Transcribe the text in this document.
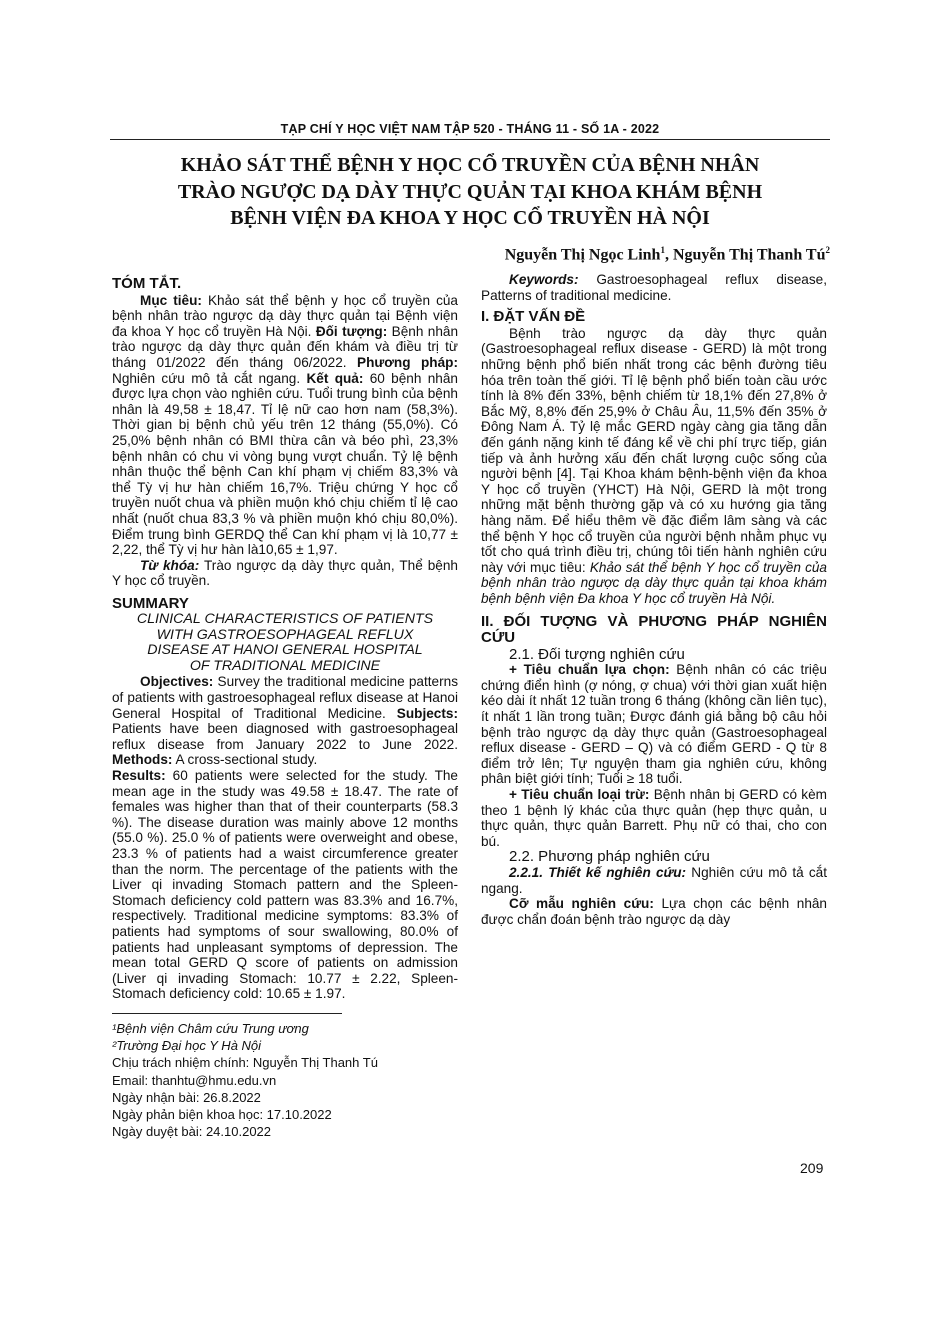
TẠP CHÍ Y HỌC VIỆT NAM TẬP 520 - THÁNG 11 - SỐ 1A - 2022
KHẢO SÁT THỂ BỆNH Y HỌC CỔ TRUYỀN CỦA BỆNH NHÂN
TRÀO NGƯỢC DẠ DÀY THỰC QUẢN TẠI KHOA KHÁM BỆNH
BỆNH VIỆN ĐA KHOA Y HỌC CỔ TRUYỀN HÀ NỘI
Nguyễn Thị Ngọc Linh$^1$, Nguyễn Thị Thanh $Tú^2$

TÓM TẮT.

Mục tiêu: Khảo sát thể bệnh y học cổ truyền của bệnh nhân trào ngược dạ dày thực quản tại Bệnh viện đa khoa Y học cổ truyền Hà Nội. Đối tượng: Bệnh nhân trào ngược dạ dày thực quản đến khám và điều trị từ tháng 01/2022 đến tháng 06/2022. Phương pháp: Nghiên cứu mô tả cắt ngang. Kết quả: 60 bệnh nhân được lựa chọn vào nghiên cứu. Tuổi trung bình của bệnh nhân là 49,58 ± 18,47. Tỉ lệ nữ cao hơn nam (58,3%). Thời gian bị bệnh chủ yếu trên 12 tháng (55,0%). Có 25,0% bệnh nhân có BMI thừa cân và béo phì, 23,3% bệnh nhân có chu vi vòng bụng vượt chuẩn. Tỷ lệ bệnh nhân thuộc thể bệnh Can khí phạm vị chiếm 83,3% và thể Tỳ vị hư hàn chiếm 16,7%. Triệu chứng Y học cổ truyền nuốt chua và phiền muộn khó chịu chiếm tỉ lệ cao nhất (nuốt chua 83,3 % và phiền muộn khó chịu 80,0%). Điểm trung bình GERDQ thể Can khí phạm vị là 10,77 ± 2,22, thể Tỳ vị hư hàn là10,65 ± 1,97.

Từ khóa: Trào ngược dạ dày thực quản, Thể bệnh Y học cổ truyền.

SUMMARY

CLINICAL CHARACTERISTICS OF PATIENTS

WITH GASTROESOPHAGEAL REFLUX

DISEASE AT HANOI GENERAL HOSPITAL

OF TRADITIONAL MEDICINE

Objectives: Survey the traditional medicine patterns of patients with gastroesophageal reflux disease at Hanoi General Hospital of Traditional Medicine. Subjects: Patients have been diagnosed with gastroesophageal reflux disease from January 2022 to June 2022. Methods: A cross-sectional study.

Results: 60 patients were selected for the study. The mean age in the study was 49.58 ± 18.47. The rate of females was higher than that of their counterparts (58.3 %). The disease duration was mainly above 12 months (55.0 %). 25.0 % of patients were overweight and obese, 23.3 % of patients had a waist circumference greater than the norm. The percentage of the patients with the Liver qi invading Stomach pattern and the Spleen-Stomach deficiency cold pattern was 83.3% and 16.7%, respectively. Traditional medicine symptoms: 83.3% of patients had symptoms of sour swallowing, 80.0% of patients had unpleasant symptoms of depression. The mean total GERD Q score of patients on admission (Liver qi invading Stomach: 10.77 ± 2.22, Spleen-Stomach deficiency cold: 10.65 ± 1.97.

¹Bệnh viện Châm cứu Trung ương

²Trường Đại học Y Hà Nội

Chịu trách nhiệm chính: Nguyễn Thị Thanh Tú

Email: thanhtu@hmu.edu.vn

Ngày nhận bài: 26.8.2022

Ngày phản biện khoa học: 17.10.2022

Ngày duyệt bài: 24.10.2022

Keywords: Gastroesophageal reflux disease, Patterns of traditional medicine.

I. ĐẶT VẤN ĐỀ

Bệnh trào ngược dạ dày thực quản (Gastroesophageal reflux disease - GERD) là một trong những bệnh phổ biến nhất trong các bệnh đường tiêu hóa trên toàn thế giới. Tỉ lệ bệnh phổ biến toàn cầu ước tính là 8% đến 33%, bệnh chiếm từ 18,1% đến 27,8% ở Bắc Mỹ, 8,8% đến 25,9% ở Châu Âu, 11,5% đến 35% ở Đông Nam Á. Tỷ lệ mắc GERD ngày càng gia tăng dẫn đến gánh nặng kinh tế đáng kể về chi phí trực tiếp, gián tiếp và ảnh hưởng xấu đến chất lượng cuộc sống của người bệnh [4]. Tại Khoa khám bệnh-bệnh viện đa khoa Y học cổ truyền (YHCT) Hà Nội, GERD là một trong những mặt bệnh thường gặp và có xu hướng gia tăng hàng năm. Để hiểu thêm về đặc điểm lâm sàng và các thể bệnh Y học cổ truyền của người bệnh nhằm phục vụ tốt cho quá trình điều trị, chúng tôi tiến hành nghiên cứu này với mục tiêu: Khảo sát thể bệnh Y học cổ truyền của bệnh nhân trào ngược dạ dày thực quản tại khoa khám bệnh bệnh viện Đa khoa Y học cổ truyền Hà Nội.

II. ĐỐI TƯỢNG VÀ PHƯƠNG PHÁP NGHIÊN CỨU

2.1. Đối tượng nghiên cứu

+ Tiêu chuẩn lựa chọn: Bệnh nhân có các triệu chứng điển hình (ợ nóng, ợ chua) với thời gian xuất hiện kéo dài ít nhất 12 tuần trong 6 tháng (không cần liên tục), ít nhất 1 lần trong tuần; Được đánh giá bằng bộ câu hỏi bệnh trào ngược dạ dày thực quản (Gastroesophageal reflux disease - GERD – Q) và có điểm GERD - Q từ 8 điểm trở lên; Tự nguyện tham gia nghiên cứu, không phân biệt giới tính; Tuổi ≥ 18 tuổi.

+ Tiêu chuẩn loại trừ: Bệnh nhân bị GERD có kèm theo 1 bệnh lý khác của thực quản (hẹp thực quản, u thực quản, thực quản Barrett. Phụ nữ có thai, cho con bú.

2.2. Phương pháp nghiên cứu

2.2.1. Thiết kế nghiên cứu: Nghiên cứu mô tả cắt ngang.

Cỡ mẫu nghiên cứu: Lựa chọn các bệnh nhân được chẩn đoán bệnh trào ngược dạ dày

209
